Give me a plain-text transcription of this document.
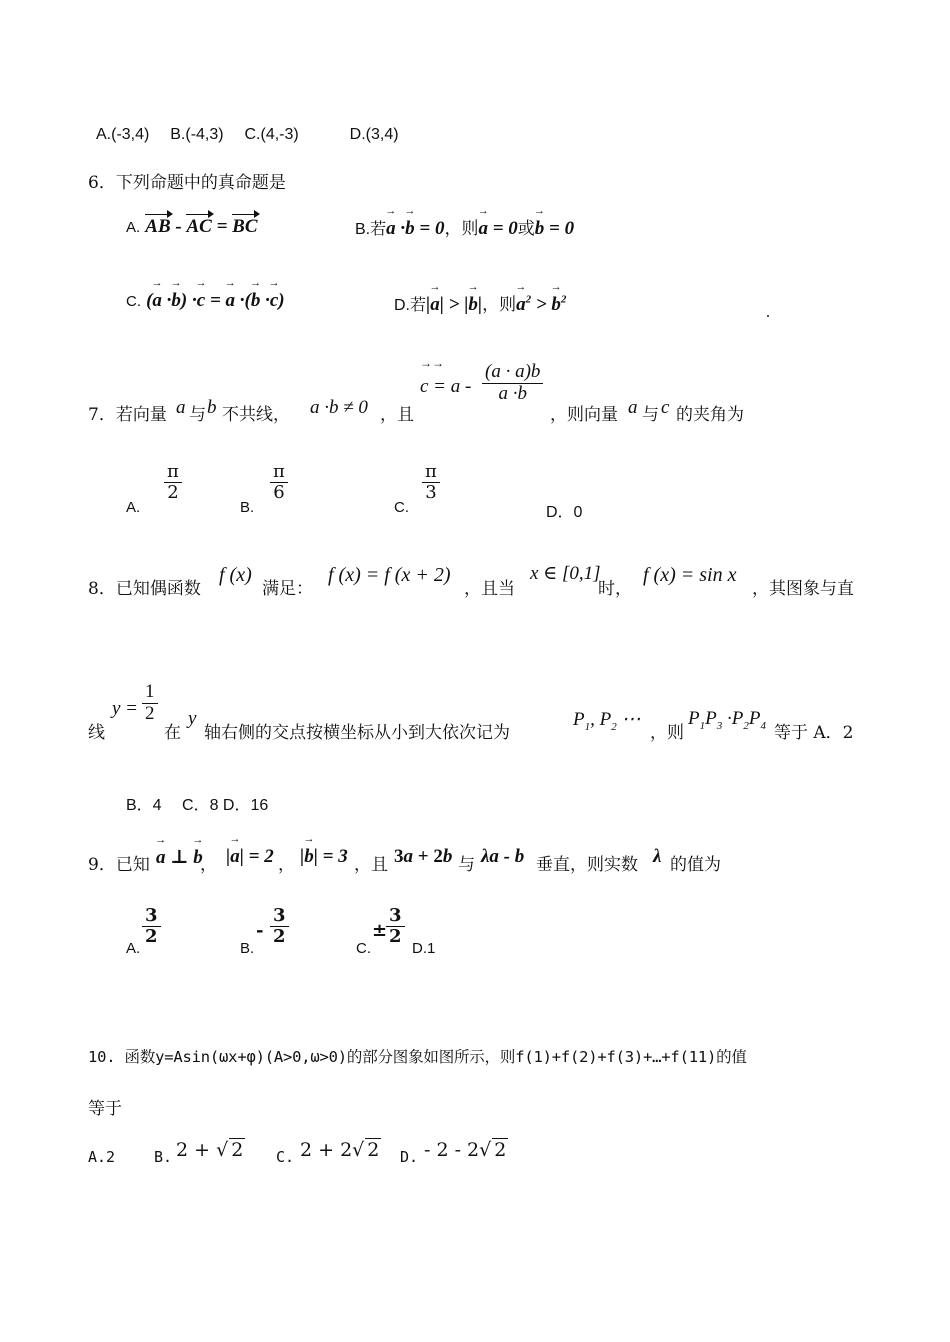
A.(-3,4) B.(-4,3) C.(4,-3)	D.(3,4)
6．下列命题中的真命题是
A. AB - AC = BC	B.若→ a ·→ b = 0，则→ a = 0或→ b = 0
C. (→ a ·→ b) ·→ c = → a ·(→ b ·→ c)	D.若|→ a| > |→ b|，则→ $a^2$ > → $b^2$
7．若向量 a 与 b 不共线， a ·b ≠ 0 ，且
→→
$c = a - \frac{(a \cdot a)b}{a \cdot b}$
，则向量 a 与 c 的夹角为
A.
$\frac{\pi}{2}$
B.
$\frac{\pi}{6}$
C.
$\frac{\pi}{3}$
D．0
8．已知偶函数
f (x)
满足：
f (x) = f (x + 2)
，且当
x ∈ [0,1]
时，
f (x) = sin x
，其图象与直
线
$y = \frac{1}{2}$
在
y
轴右侧的交点按横坐标从小到大依次记为
$P_1$, $P_2$ ⋯
，则
$P_1P_3 \cdot P_2P_4$ 等于 A．2
B．4　 C．8 D．16
9．已知
→ a ⊥ → b
， |→ a| = 2 ， |→ b| = 3 ，且 3a + 2b 与 λa - b 垂直，则实数 λ 的值为
A.
$\frac{3}{2}$
B.
- $\frac{3}{2}$
C.
±
$\frac{3}{2}$
D.1
10. 函数y=Asin(ωx+φ)(A>0,ω>0)的部分图象如图所示，则f(1)+f(2)+f(3)+…+f(11)的值
等于
A.2	B. 2 + √ 2 C. 2 + 2√ 2 D. - 2 - 2√ 2
